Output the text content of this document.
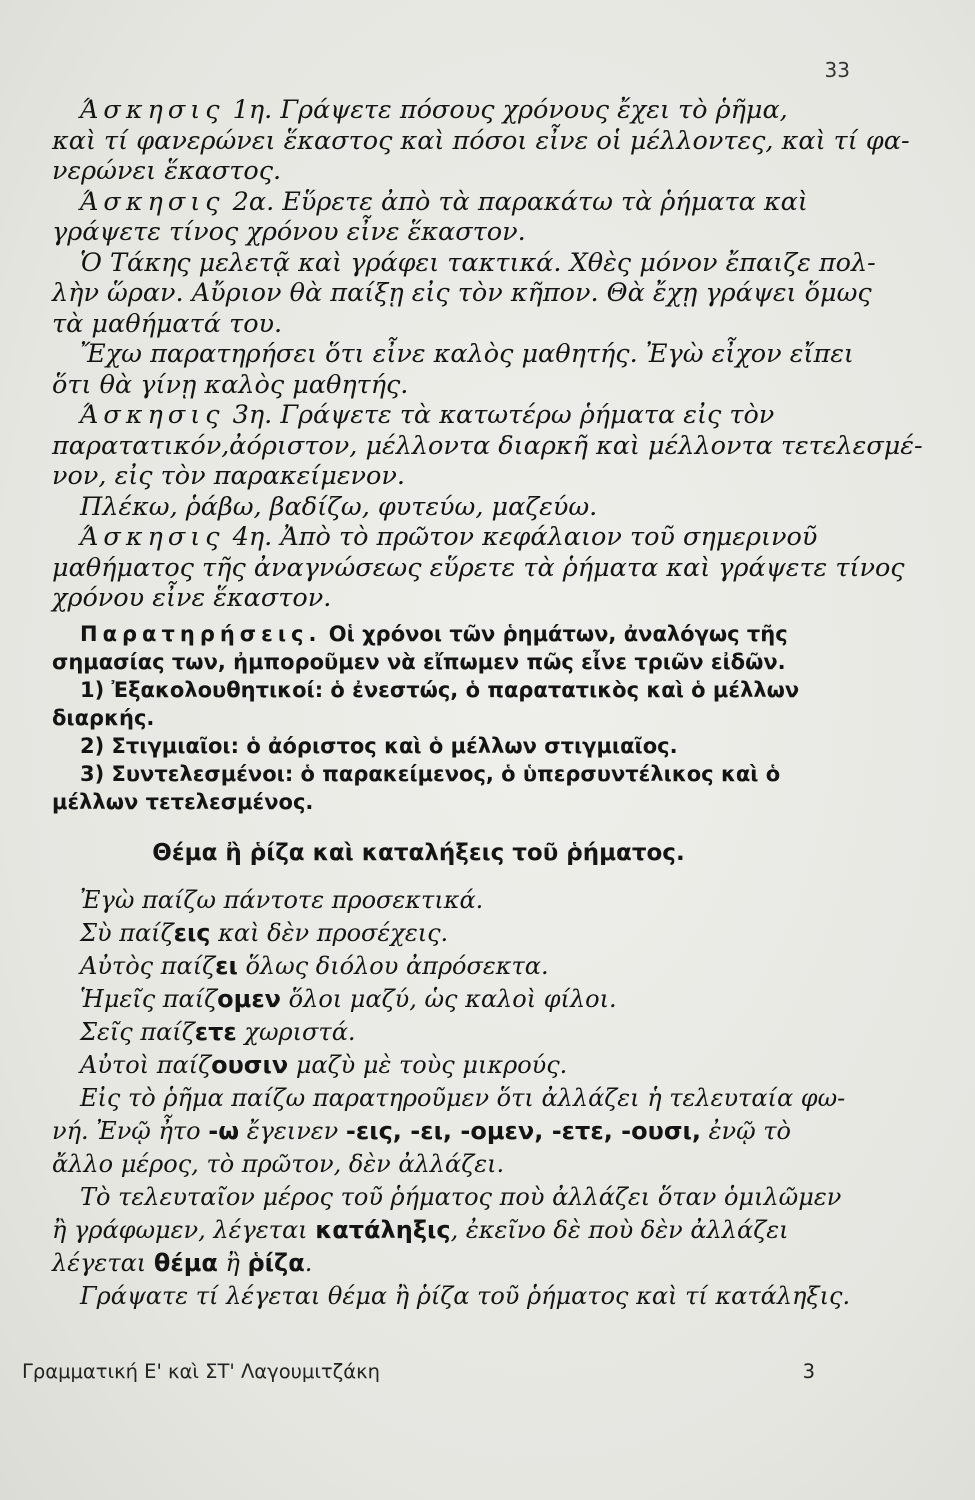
33
Άσκησις 1η. Γράψετε πόσους χρόνους ἔχει τὸ ῥῆμα,
καὶ τί φανερώνει ἕκαστος καὶ πόσοι εἶνε οἱ μέλλοντες, καὶ τί φα-
νερώνει ἕκαστος.
Άσκησις 2α. Εὕρετε ἀπὸ τὰ παρακάτω τὰ ῥήματα καὶ
γράψετε τίνος χρόνου εἶνε ἕκαστον.
Ὁ Τάκης μελετᾷ καὶ γράφει τακτικά. Χθὲς μόνον ἔπαιζε πολ-
λὴν ὥραν. Αὔριον θὰ παίξῃ εἰς τὸν κῆπον. Θὰ ἔχῃ γράψει ὅμως
τὰ μαθήματά του.
Ἔχω παρατηρήσει ὅτι εἶνε καλὸς μαθητής. Ἐγὼ εἶχον εἴπει
ὅτι θὰ γίνῃ καλὸς μαθητής.
Άσκησις 3η. Γράψετε τὰ κατωτέρω ῥήματα εἰς τὸν
παρατατικόν,ἀόριστον, μέλλοντα διαρκῆ καὶ μέλλοντα τετελεσμέ-
νον, εἰς τὸν παρακείμενον.
Πλέκω, ῥάβω, βαδίζω, φυτεύω, μαζεύω.
Άσκησις 4η. Ἀπὸ τὸ πρῶτον κεφάλαιον τοῦ σημερινοῦ
μαθήματος τῆς ἀναγνώσεως εὕρετε τὰ ῥήματα καὶ γράψετε τίνος
χρόνου εἶνε ἕκαστον.
Παρατηρήσεις. Οἱ χρόνοι τῶν ῥημάτων, ἀναλόγως τῆς
σημασίας των, ἠμποροῦμεν νὰ εἴπωμεν πῶς εἶνε τριῶν εἰδῶν.
1) Ἐξακολουθητικοί: ὁ ἐνεστώς, ὁ παρατατικὸς καὶ ὁ μέλλων
διαρκής.
2) Στιγμιαῖοι: ὁ ἀόριστος καὶ ὁ μέλλων στιγμιαῖος.
3) Συντελεσμένοι: ὁ παρακείμενος, ὁ ὑπερσυντέλικος καὶ ὁ
μέλλων τετελεσμένος.
Θέμα ἢ ῥίζα καὶ καταλήξεις τοῦ ῥήματος.
Ἐγὼ παίζω πάντοτε προσεκτικά.
Σὺ παίζεις καὶ δὲν προσέχεις.
Αὐτὸς παίζει ὅλως διόλου ἀπρόσεκτα.
Ἡμεῖς παίζομεν ὅλοι μαζύ, ὡς καλοὶ φίλοι.
Σεῖς παίζετε χωριστά.
Αὐτοὶ παίζουσιν μαζὺ μὲ τοὺς μικρούς.
Εἰς τὸ ῥῆμα παίζω παρατηροῦμεν ὅτι ἀλλάζει ἡ τελευταία φω-
νή. Ἐνῷ ἦτο -ω ἔγεινεν -εις, -ει, -ομεν, -ετε, -ουσι, ἐνῷ τὸ
ἄλλο μέρος, τὸ πρῶτον, δὲν ἀλλάζει.
Τὸ τελευταῖον μέρος τοῦ ῥήματος ποὺ ἀλλάζει ὅταν ὁμιλῶμεν
ἢ γράφωμεν, λέγεται κατάληξις, ἐκεῖνο δὲ ποὺ δὲν ἀλλάζει
λέγεται θέμα ἢ ῥίζα.
Γράψατε τί λέγεται θέμα ἢ ῥίζα τοῦ ῥήματος καὶ τί κατάληξις.
Γραμματική Ε' καὶ ΣΤ' Λαγουμιτζάκη	3
